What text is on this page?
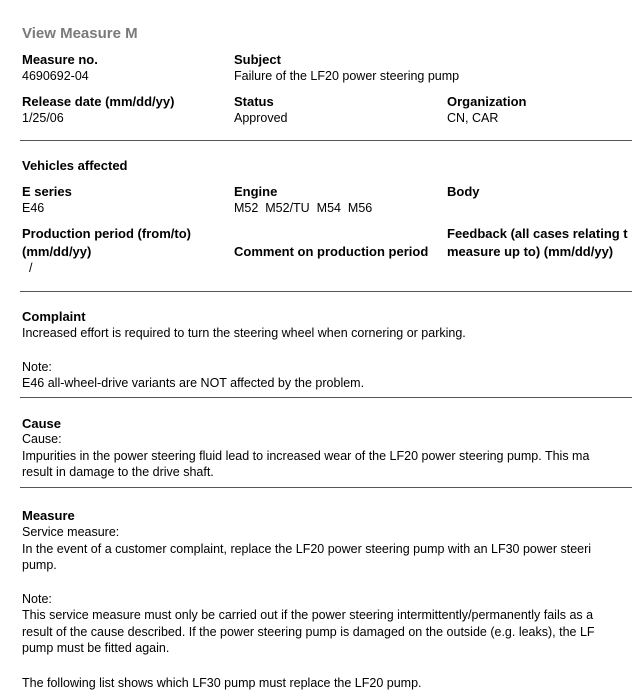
View Measure M
Measure no.
4690692-04
Subject
Failure of the LF20 power steering pump
Release date (mm/dd/yy)
1/25/06
Status
Approved
Organization
CN, CAR
Vehicles affected
E series
E46
Engine
M52  M52/TU  M54  M56
Body
Production period (from/to)
(mm/dd/yy)
/
Comment on production period
Feedback (all cases relating t
measure up to) (mm/dd/yy)
Complaint
Increased effort is required to turn the steering wheel when cornering or parking.
Note:
E46 all-wheel-drive variants are NOT affected by the problem.
Cause
Cause:
Impurities in the power steering fluid lead to increased wear of the LF20 power steering pump. This ma
result in damage to the drive shaft.
Measure
Service measure:
In the event of a customer complaint, replace the LF20 power steering pump with an LF30 power steeri
pump.
Note:
This service measure must only be carried out if the power steering intermittently/permanently fails as a
result of the cause described. If the power steering pump is damaged on the outside (e.g. leaks), the LF
pump must be fitted again.
The following list shows which LF30 pump must replace the LF20 pump.
